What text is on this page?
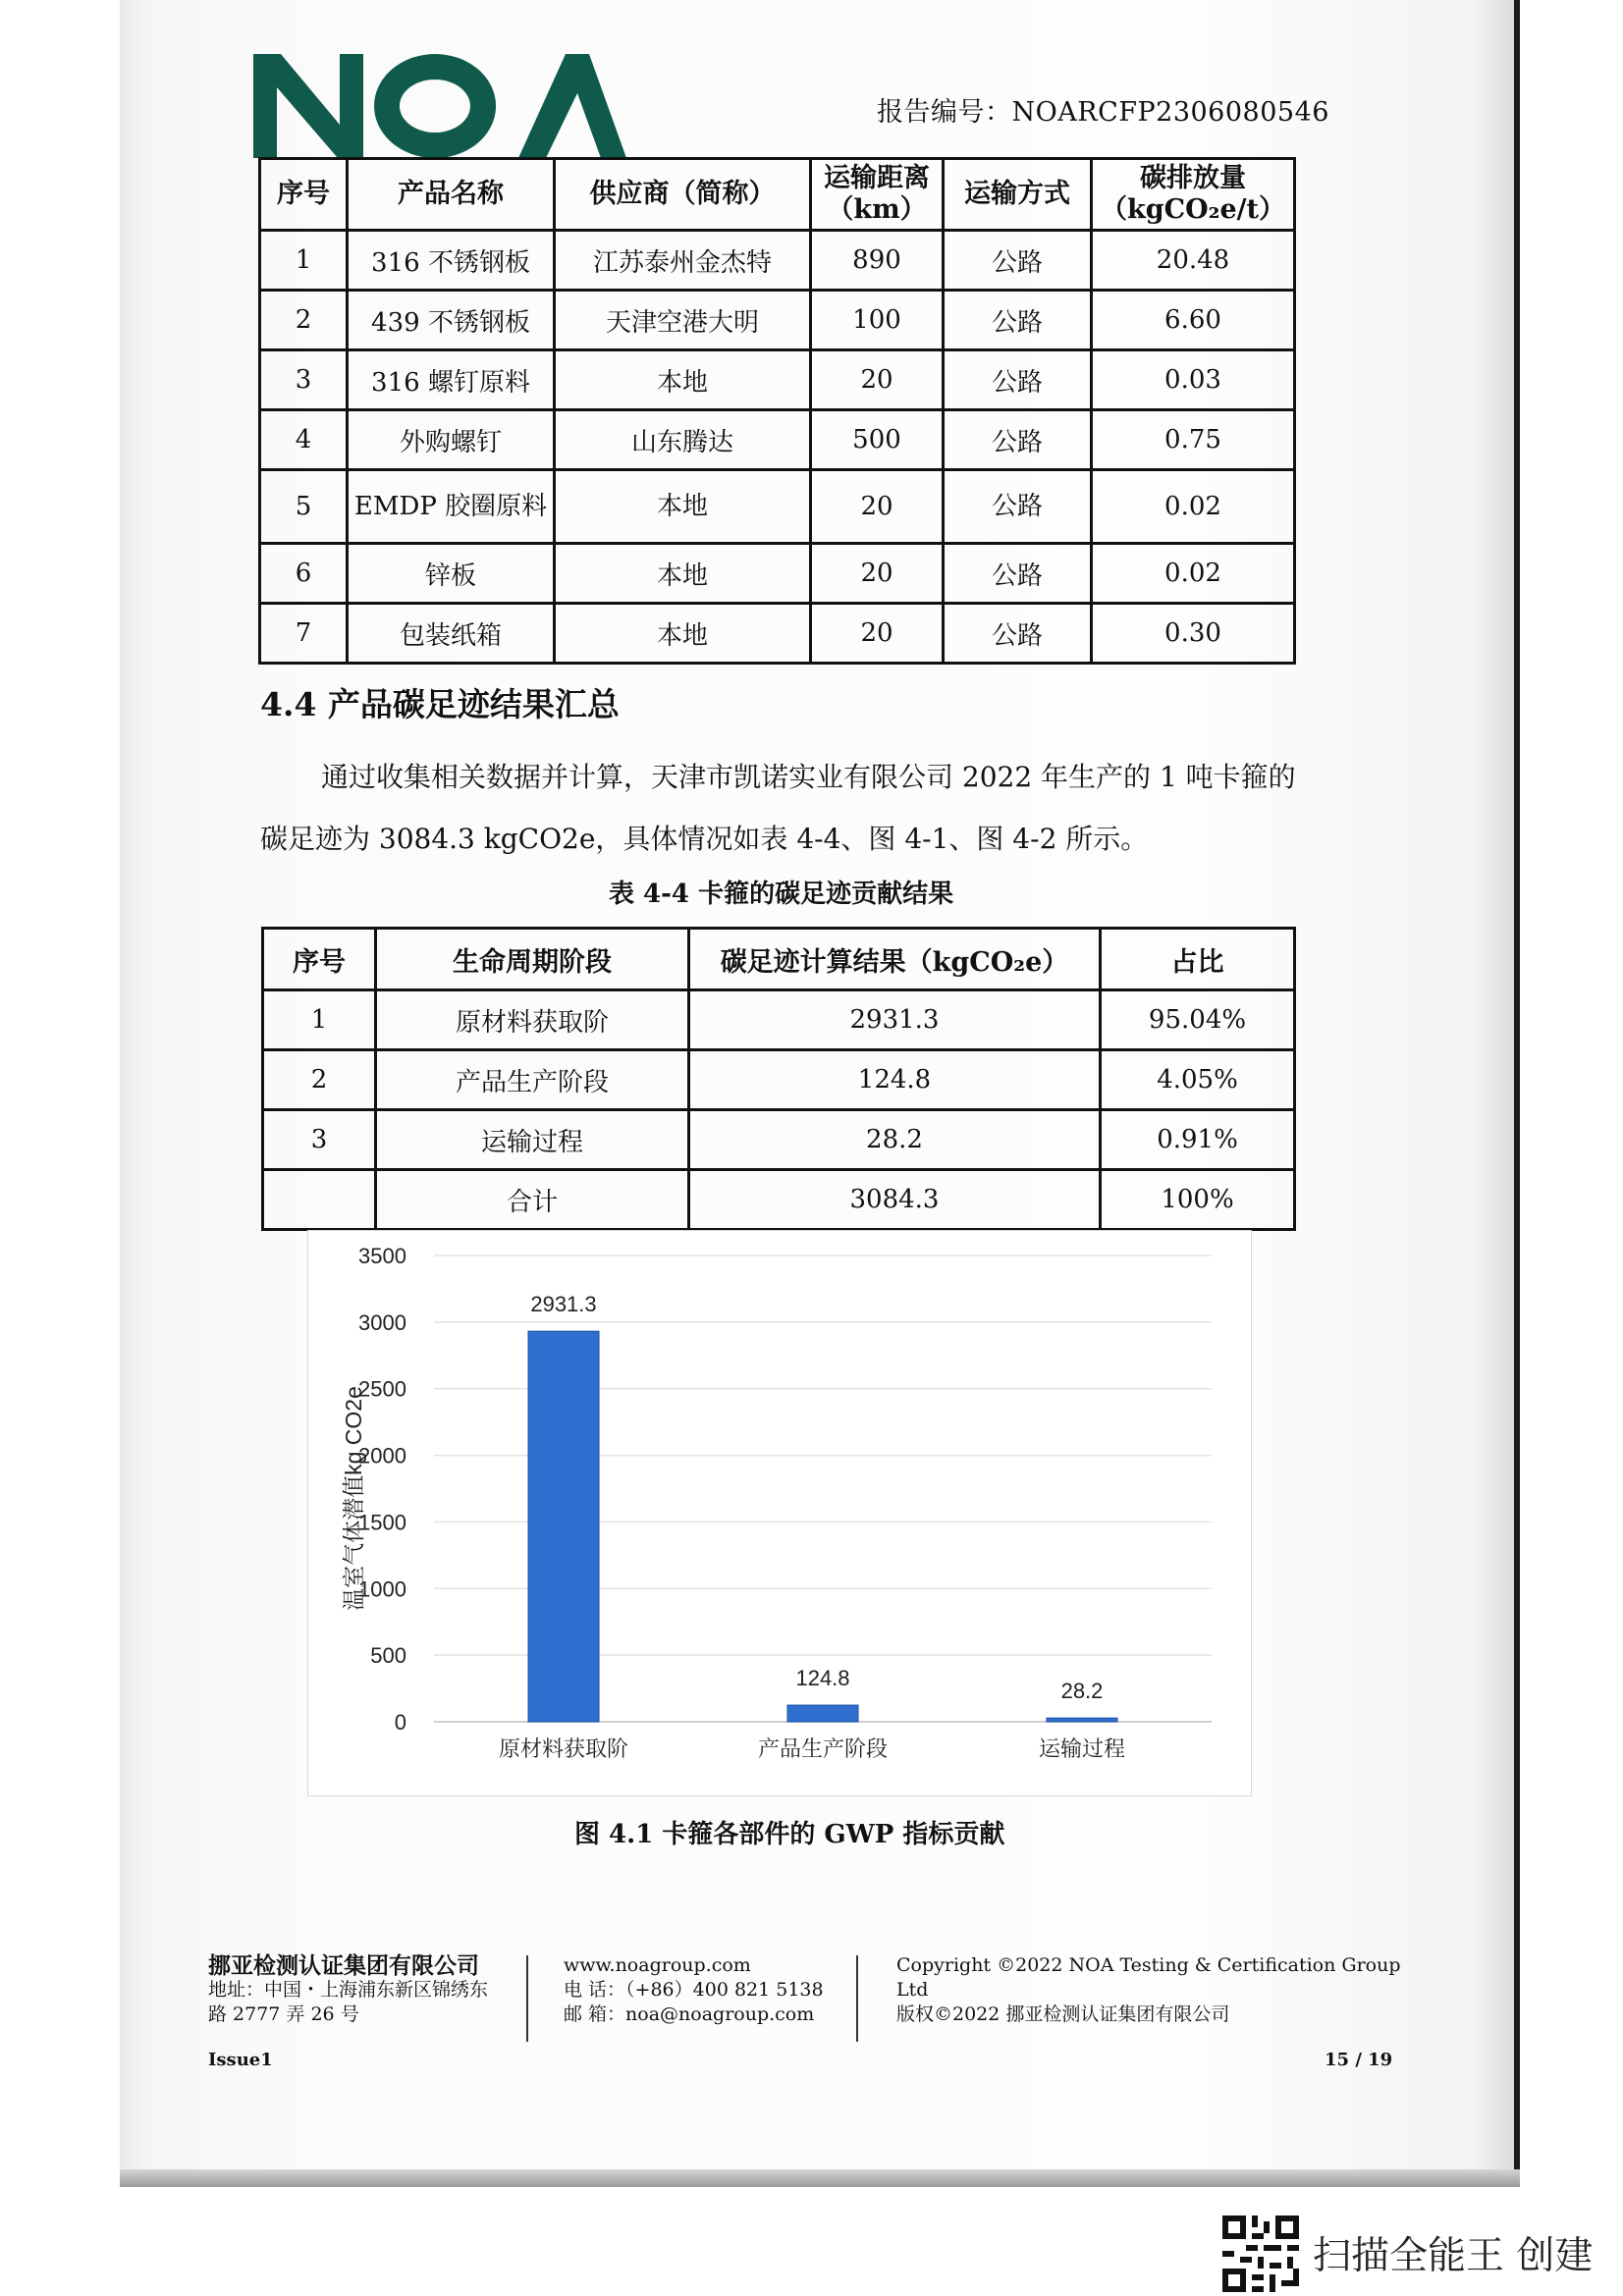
NOA	报告编号：NOARCFP2306080546
序号	产品名称	供应商（简称）	运输距离（km）	运输方式	碳排放量（kgCO₂e/t）
1	316 不锈钢板	江苏泰州金杰特	890	公路	20.48
2	439 不锈钢板	天津空港大明	100	公路	6.60
3	316 螺钉原料	本地	20	公路	0.03
4	外购螺钉	山东腾达	500	公路	0.75
5	EMDP 胶圈原料	本地	20	公路	0.02
6	锌板	本地	20	公路	0.02
7	包装纸箱	本地	20	公路	0.30
4.4 产品碳足迹结果汇总
通过收集相关数据并计算，天津市凯诺实业有限公司 2022 年生产的 1 吨卡箍的碳足迹为 3084.3 kgCO2e，具体情况如表 4-4、图 4-1、图 4-2 所示。
表 4-4 卡箍的碳足迹贡献结果
序号	生命周期阶段	碳足迹计算结果（kgCO₂e）	占比
1	原材料获取阶	2931.3	95.04%
2	产品生产阶段	124.8	4.05%
3	运输过程	28.2	0.91%
	合计	3084.3	100%
0
500
1000
1500
2000
2500
3000
3500
2931.3
原材料获取阶
124.8
产品生产阶段
28.2
运输过程
温室气体潜值kg CO2e
图 4.1 卡箍各部件的 GWP 指标贡献
挪亚检测认证集团有限公司
地址：中国・上海浦东新区锦绣东
路 2777 弄 26 号
www.noagroup.com
电 话：（+86）400 821 5138
邮 箱：noa@noagroup.com
Copyright ©2022 NOA Testing & Certification Group Ltd
版权©2022 挪亚检测认证集团有限公司
Issue1	15 / 19
扫描全能王 创建
